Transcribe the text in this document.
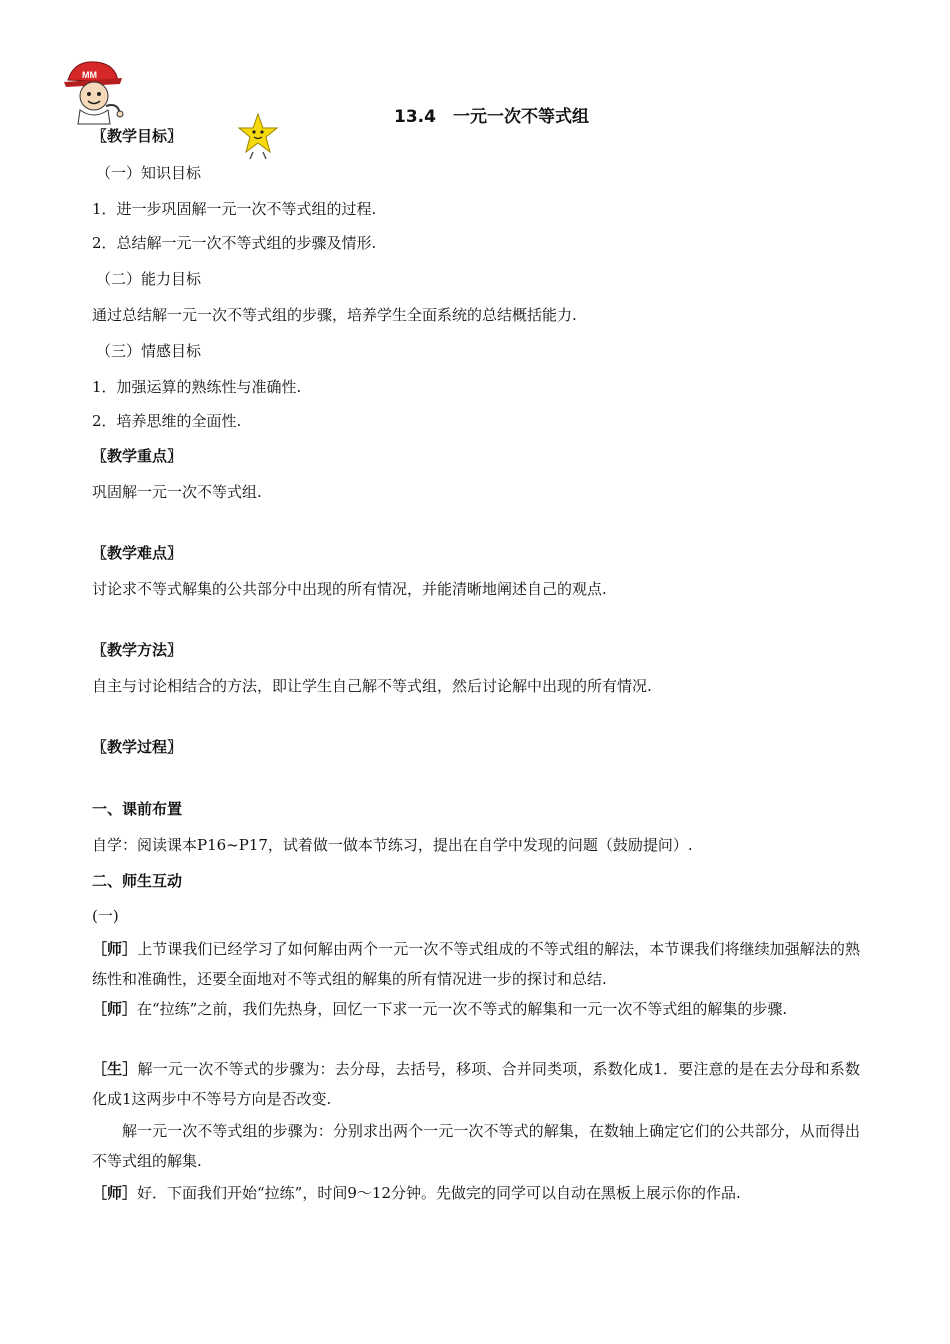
MM
13.4　一元一次不等式组
〖教学目标〗
（一）知识目标
1．进一步巩固解一元一次不等式组的过程.
2．总结解一元一次不等式组的步骤及情形.
（二）能力目标
通过总结解一元一次不等式组的步骤，培养学生全面系统的总结概括能力.
（三）情感目标
1．加强运算的熟练性与准确性.
2．培养思维的全面性.
〖教学重点〗
巩固解一元一次不等式组.
〖教学难点〗
讨论求不等式解集的公共部分中出现的所有情况，并能清晰地阐述自己的观点.
〖教学方法〗
自主与讨论相结合的方法，即让学生自己解不等式组，然后讨论解中出现的所有情况.
〖教学过程〗
一、课前布置
自学：阅读课本P16~P17，试着做一做本节练习，提出在自学中发现的问题（鼓励提问）.
二、师生互动
(一)
［师］上节课我们已经学习了如何解由两个一元一次不等式组成的不等式组的解法，本节课我们将继续加强解法的熟练性和准确性，还要全面地对不等式组的解集的所有情况进一步的探讨和总结.
［师］在“拉练”之前，我们先热身，回忆一下求一元一次不等式的解集和一元一次不等式组的解集的步骤.
［生］解一元一次不等式的步骤为：去分母，去括号，移项、合并同类项，系数化成1．要注意的是在去分母和系数化成1这两步中不等号方向是否改变.
解一元一次不等式组的步骤为：分别求出两个一元一次不等式的解集，在数轴上确定它们的公共部分，从而得出不等式组的解集.
［师］好．下面我们开始“拉练”，时间9～12分钟。先做完的同学可以自动在黑板上展示你的作品.
